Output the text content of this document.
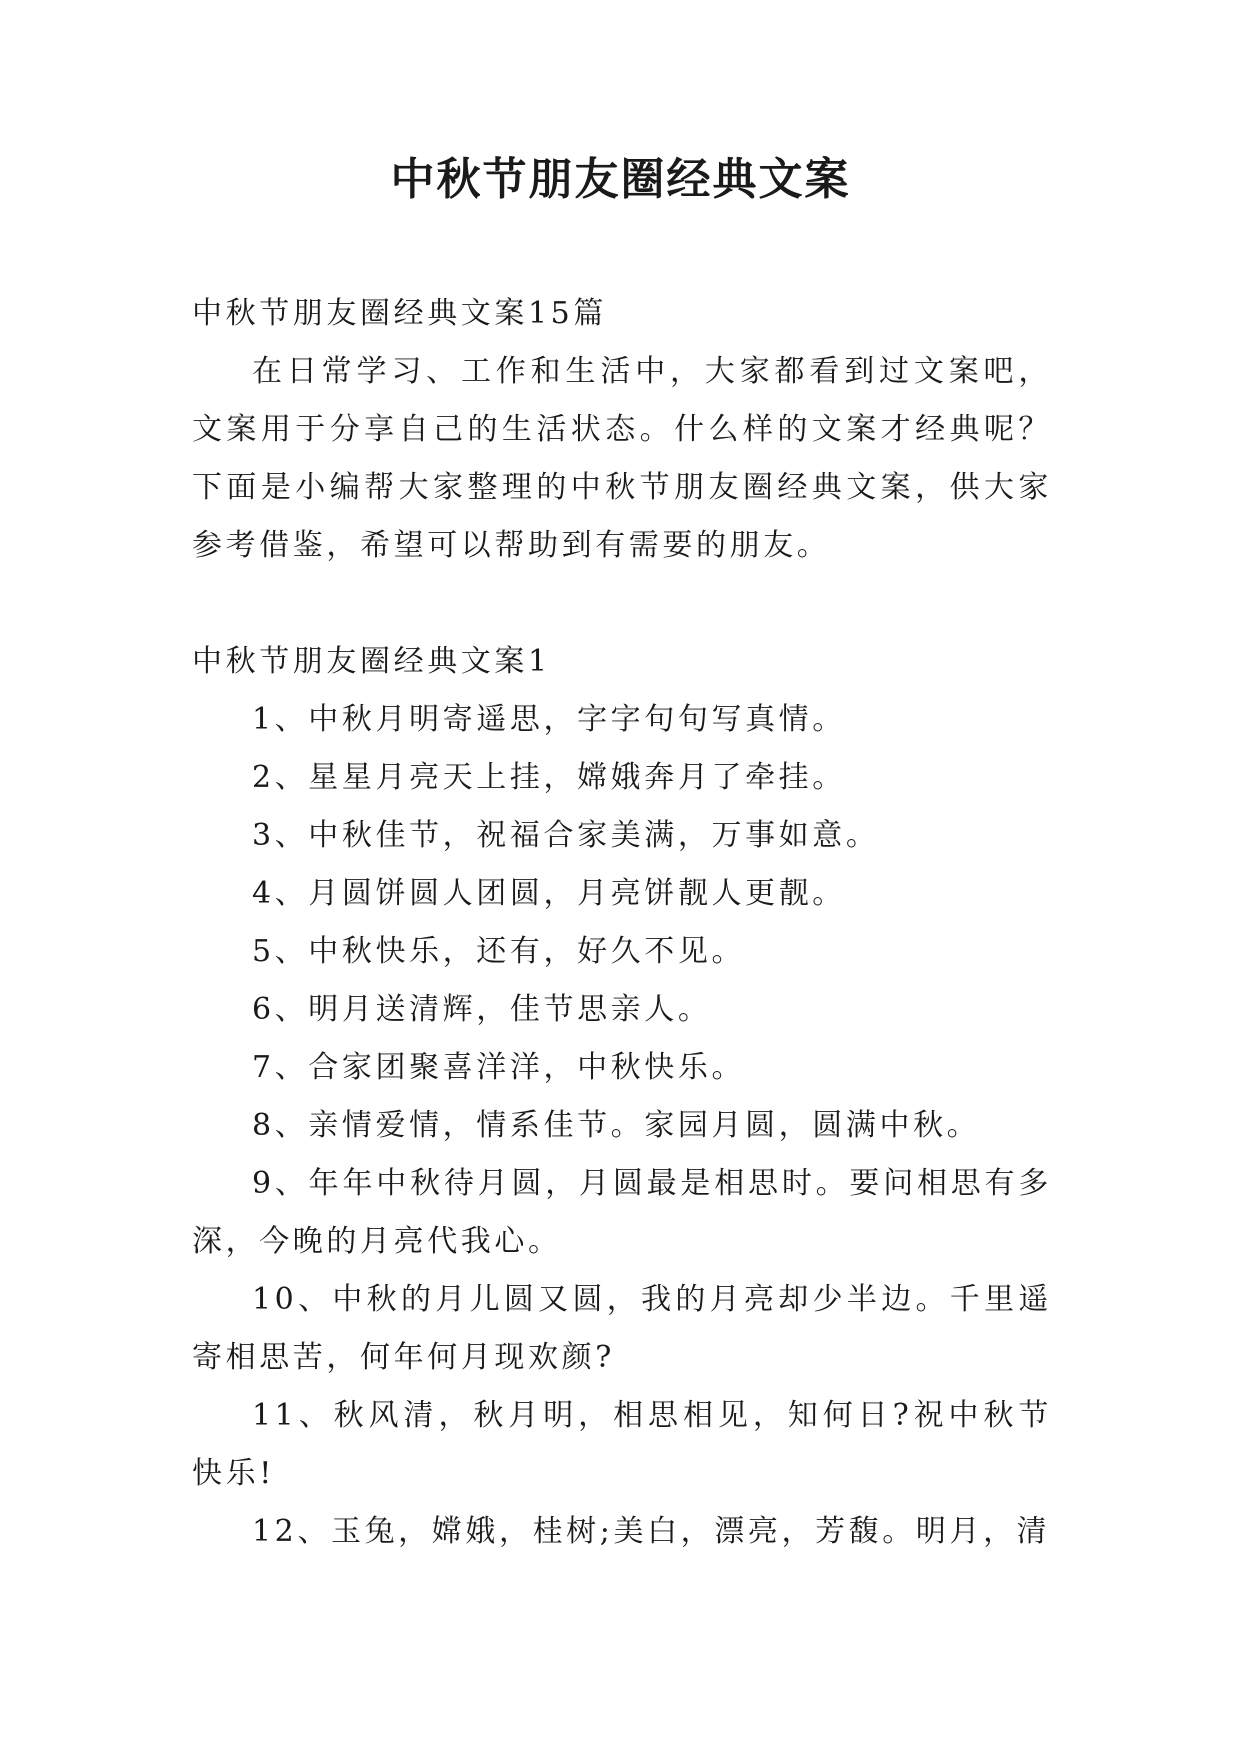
中秋节朋友圈经典文案

中秋节朋友圈经典文案15篇

在日常学习、工作和生活中，大家都看到过文案吧，文案用于分享自己的生活状态。什么样的文案才经典呢？下面是小编帮大家整理的中秋节朋友圈经典文案，供大家参考借鉴，希望可以帮助到有需要的朋友。

中秋节朋友圈经典文案1

1、中秋月明寄遥思，字字句句写真情。

2、星星月亮天上挂，嫦娥奔月了牵挂。

3、中秋佳节，祝福合家美满，万事如意。

4、月圆饼圆人团圆，月亮饼靓人更靓。

5、中秋快乐，还有，好久不见。

6、明月送清辉，佳节思亲人。

7、合家团聚喜洋洋，中秋快乐。

8、亲情爱情，情系佳节。家园月圆，圆满中秋。

9、年年中秋待月圆，月圆最是相思时。要问相思有多深，今晚的月亮代我心。

10、中秋的月儿圆又圆，我的月亮却少半边。千里遥寄相思苦，何年何月现欢颜?

11、秋风清，秋月明，相思相见，知何日?祝中秋节快乐!

12、玉兔，嫦娥，桂树;美白，漂亮，芳馥。明月，清
